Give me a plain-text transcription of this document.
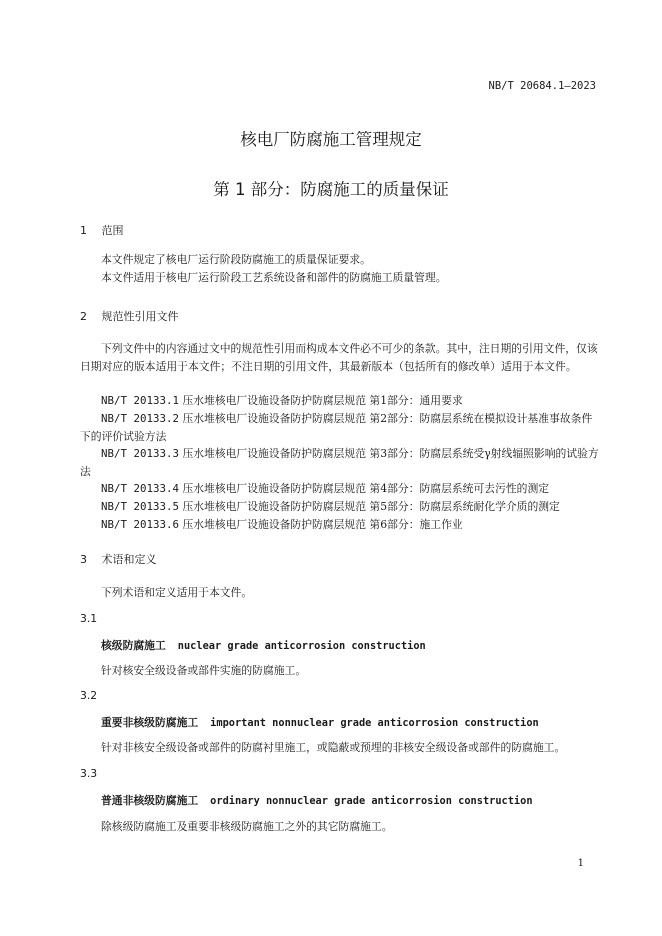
NB/T 20684.1—2023
核电厂防腐施工管理规定
第 1 部分：防腐施工的质量保证
1 范围
本文件规定了核电厂运行阶段防腐施工的质量保证要求。
本文件适用于核电厂运行阶段工艺系统设备和部件的防腐施工质量管理。
2 规范性引用文件
下列文件中的内容通过文中的规范性引用而构成本文件必不可少的条款。其中，注日期的引用文件，仅该日期对应的版本适用于本文件；不注日期的引用文件，其最新版本（包括所有的修改单）适用于本文件。
NB/T 20133.1 压水堆核电厂设施设备防护防腐层规范 第1部分：通用要求
NB/T 20133.2 压水堆核电厂设施设备防护防腐层规范 第2部分：防腐层系统在模拟设计基准事故条件下的评价试验方法
NB/T 20133.3 压水堆核电厂设施设备防护防腐层规范 第3部分：防腐层系统受γ射线辐照影响的试验方法
NB/T 20133.4 压水堆核电厂设施设备防护防腐层规范 第4部分：防腐层系统可去污性的测定
NB/T 20133.5 压水堆核电厂设施设备防护防腐层规范 第5部分：防腐层系统耐化学介质的测定
NB/T 20133.6 压水堆核电厂设施设备防护防腐层规范 第6部分：施工作业
3 术语和定义
下列术语和定义适用于本文件。
3.1
核级防腐施工 nuclear grade anticorrosion construction
针对核安全级设备或部件实施的防腐施工。
3.2
重要非核级防腐施工 important nonnuclear grade anticorrosion construction
针对非核安全级设备或部件的防腐衬里施工，或隐蔽或预埋的非核安全级设备或部件的防腐施工。
3.3
普通非核级防腐施工 ordinary nonnuclear grade anticorrosion construction
除核级防腐施工及重要非核级防腐施工之外的其它防腐施工。
1
